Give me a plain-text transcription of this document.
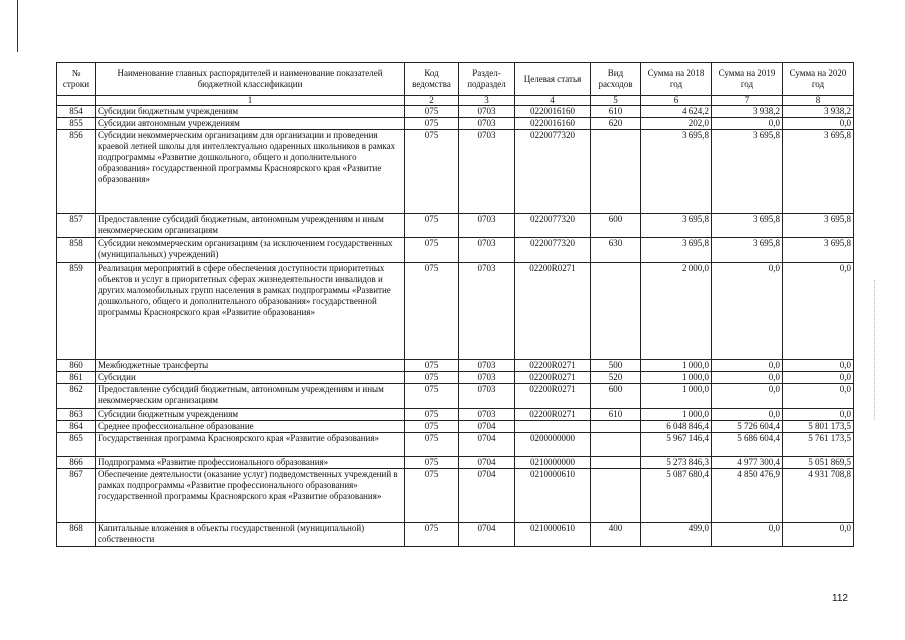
№ строки	Наименование главных распорядителей и наименование показателей бюджетной классификации	Код ведомства	Раздел-подраздел	Целевая статья	Вид расходов	Сумма на 2018 год	Сумма на 2019 год	Сумма на 2020 год
	1	2	3	4	5	6	7	8
854	Субсидии бюджетным учреждениям	075	0703	0220016160	610	4 624,2	3 938,2	3 938,2
855	Субсидии автономным учреждениям	075	0703	0220016160	620	202,0	0,0	0,0
856	Субсидии некоммерческим организациям для организации и проведения краевой летней школы для интеллектуально одаренных школьников в рамках подпрограммы «Развитие дошкольного, общего и дополнительного образования» государственной программы Красноярского края «Развитие образования»	075	0703	0220077320		3 695,8	3 695,8	3 695,8
857	Предоставление субсидий бюджетным, автономным учреждениям и иным некоммерческим организациям	075	0703	0220077320	600	3 695,8	3 695,8	3 695,8
858	Субсидии некоммерческим организациям (за исключением государственных (муниципальных) учреждений)	075	0703	0220077320	630	3 695,8	3 695,8	3 695,8
859	Реализация мероприятий в сфере обеспечения доступности приоритетных объектов и услуг в приоритетных сферах жизнедеятельности инвалидов и других маломобильных групп населения в рамках подпрограммы «Развитие дошкольного, общего и дополнительного образования» государственной программы Красноярского края «Развитие образования»	075	0703	02200R0271		2 000,0	0,0	0,0
860	Межбюджетные трансферты	075	0703	02200R0271	500	1 000,0	0,0	0,0
861	Субсидии	075	0703	02200R0271	520	1 000,0	0,0	0,0
862	Предоставление субсидий бюджетным, автономным учреждениям и иным некоммерческим организациям	075	0703	02200R0271	600	1 000,0	0,0	0,0
863	Субсидии бюджетным учреждениям	075	0703	02200R0271	610	1 000,0	0,0	0,0
864	Среднее профессиональное образование	075	0704			6 048 846,4	5 726 604,4	5 801 173,5
865	Государственная программа Красноярского края «Развитие образования»	075	0704	0200000000		5 967 146,4	5 686 604,4	5 761 173,5
866	Подпрограмма «Развитие профессионального образования»	075	0704	0210000000		5 273 846,3	4 977 300,4	5 051 869,5
867	Обеспечение деятельности (оказание услуг) подведомственных учреждений в рамках подпрограммы «Развитие профессионального образования» государственной программы Красноярского края «Развитие образования»	075	0704	0210000610		5 087 680,4	4 850 476,9	4 931 708,8
868	Капитальные вложения в объекты государственной (муниципальной) собственности	075	0704	0210000610	400	499,0	0,0	0,0
112
